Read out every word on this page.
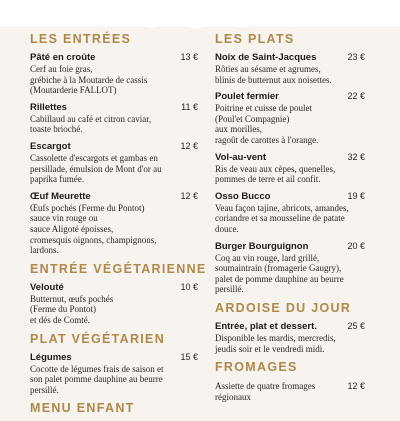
LES ENTRÉES
Pâté en croûte	13 €
Cerf au foie gras,
grébiche à la Moutarde de cassis
(Moutarderie FALLOT)
Rillettes	11 €
Cabillaud au café et citron caviar,
toaste brioché.
Escargot	12 €
Cassolette d'escargots et gambas en
persillade, émulsion de Mont d'or au
paprika fumée.
Œuf Meurette	12 €
Œufs pochés (Ferme du Pontot)
sauce vin rouge ou
sauce Aligoté époisses,
cromesquis oignons, champignons,
lardons.
ENTRÉE VÉGÉTARIENNE
Velouté	10 €
Butternut, œufs pochés
(Ferme du Pontot)
et dés de Comté.
PLAT VÉGÉTARIEN
Légumes	15 €
Cocotte de légumes frais de saison et
son palet pomme dauphine au beurre
persillé.
MENU ENFANT
LES PLATS
Noix de Saint-Jacques	23 €
Rôties au sésame et agrumes,
blinis de butternut aux noisettes.
Poulet fermier	22 €
Poitrine et cuisse de poulet
(Poul'et Compagnie)
aux morilles,
ragoût de carottes à l'orange.
Vol-au-vent	32 €
Ris de veau aux cèpes, quenelles,
pommes de terre et ail confit.
Osso Bucco	19 €
Veau façon tajine, abricots, amandes,
coriandre et sa mousseline de patate
douce.
Burger Bourguignon	20 €
Coq au vin rouge, lard grillé,
soumaintrain (fromagerie Gaugry),
palet de pomme dauphine au beurre
persillé.
ARDOISE DU JOUR
Entrée, plat et dessert.	25 €
Disponible les mardis, mercredis,
jeudis soir et le vendredi midi.
FROMAGES
Assiette de quatre fromages
régionaux
12 €
